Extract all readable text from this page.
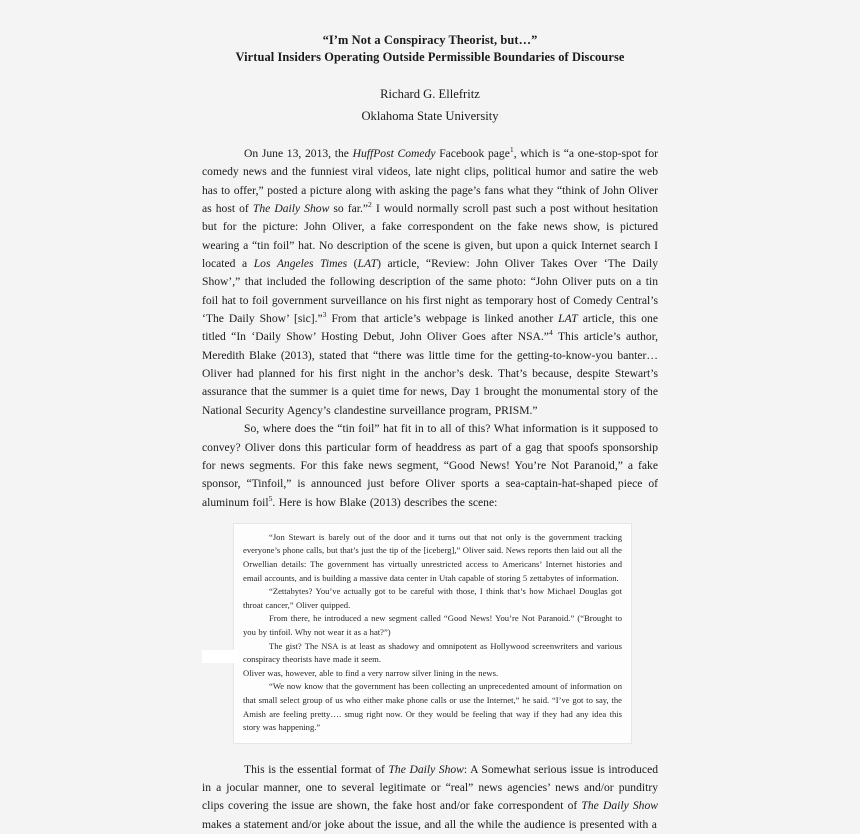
“I’m Not a Conspiracy Theorist, but…”
Virtual Insiders Operating Outside Permissible Boundaries of Discourse
Richard G. Ellefritz
Oklahoma State University

On June 13, 2013, the HuffPost Comedy Facebook page$^1$, which is “a one-stop-spot for comedy news and the funniest viral videos, late night clips, political humor and satire the web has to offer,” posted a picture along with asking the page’s fans what they “think of John Oliver as host of The Daily Show so far.”$^2$ I would normally scroll past such a post without hesitation but for the picture: John Oliver, a fake correspondent on the fake news show, is pictured wearing a “tin foil” hat. No description of the scene is given, but upon a quick Internet search I located a Los Angeles Times (LAT) article, “Review: John Oliver Takes Over ‘The Daily Show’,” that included the following description of the same photo: “John Oliver puts on a tin foil hat to foil government surveillance on his first night as temporary host of Comedy Central’s ‘The Daily Show’ [sic].”$^3$ From that article’s webpage is linked another LAT article, this one titled “In ‘Daily Show’ Hosting Debut, John Oliver Goes after NSA.”$^4$ This article’s author, Meredith Blake (2013), stated that “there was little time for the getting-to-know-you banter…Oliver had planned for his first night in the anchor’s desk. That’s because, despite Stewart’s assurance that the summer is a quiet time for news, Day 1 brought the monumental story of the National Security Agency’s clandestine surveillance program, PRISM.”

So, where does the “tin foil” hat fit in to all of this? What information is it supposed to convey? Oliver dons this particular form of headdress as part of a gag that spoofs sponsorship for news segments. For this fake news segment, “Good News! You’re Not Paranoid,” a fake sponsor, “Tinfoil,” is announced just before Oliver sports a sea-captain-hat-shaped piece of aluminum foil$^5$. Here is how Blake (2013) describes the scene:

“Jon Stewart is barely out of the door and it turns out that not only is the government tracking everyone’s phone calls, but that’s just the tip of the [iceberg],” Oliver said. News reports then laid out all the Orwellian details: The government has virtually unrestricted access to Americans’ Internet histories and email accounts, and is building a massive data center in Utah capable of storing 5 zettabytes of information.

“Zettabytes? You’ve actually got to be careful with those, I think that’s how Michael Douglas got throat cancer,” Oliver quipped.

From there, he introduced a new segment called “Good News! You’re Not Paranoid.” (“Brought to you by tinfoil. Why not wear it as a hat?”)

The gist? The NSA is at least as shadowy and omnipotent as Hollywood screenwriters and various conspiracy theorists have made it seem.

Oliver was, however, able to find a very narrow silver lining in the news.

“We now know that the government has been collecting an unprecedented amount of information on that small select group of us who either make phone calls or use the Internet,” he said. “I’ve got to say, the Amish are feeling pretty…. smug right now. Or they would be feeling that way if they had any idea this story was happening.”

This is the essential format of The Daily Show: A Somewhat serious issue is introduced in a jocular manner, one to several legitimate or “real” news agencies’ news and/or punditry clips covering the issue are shown, the fake host and/or fake correspondent of The Daily Show makes a statement and/or joke about the issue, and all the while the audience is presented with a
